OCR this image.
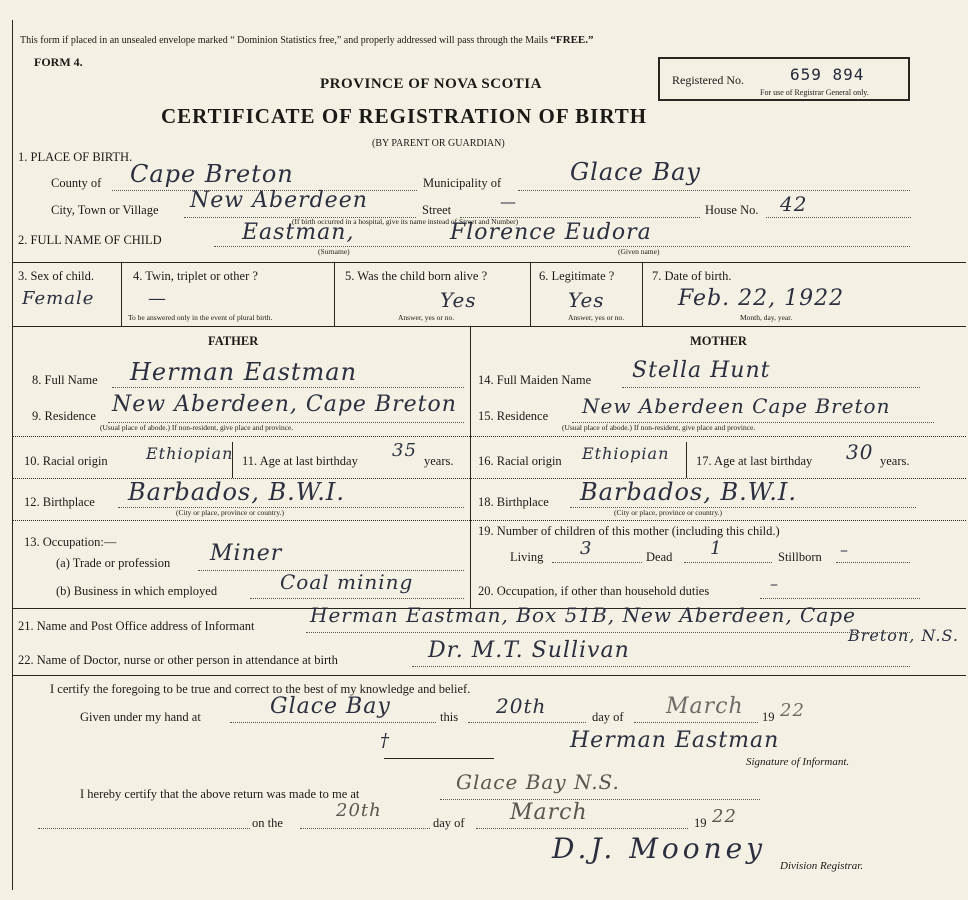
This form if placed in an unsealed envelope marked “ Dominion Statistics free,” and properly addressed will pass through the Mails “FREE.”
FORM 4.
Registered No.	659 894
For use of Registrar General only.
PROVINCE OF NOVA SCOTIA
CERTIFICATE OF REGISTRATION OF BIRTH
(BY PARENT OR GUARDIAN)
1. PLACE OF BIRTH.
County of Cape Breton	Municipality of	Glace Bay
City, Town or Village New Aberdeen	Street	—	House No. 42
(If birth occurred in a hospital, give its name instead of Street and Number)
2. FULL NAME OF CHILD	Eastman,	Florence Eudora
(Surname)	(Given name)
3. Sex of child.
Female
4. Twin, triplet or other ?
—
To be answered only in the event of plural birth.
5. Was the child born alive ?
Yes
Answer, yes or no.
6. Legitimate ?
Yes
Answer, yes or no.
7. Date of birth.
Feb. 22, 1922
Month, day, year.
FATHER
8. Full Name Herman Eastman
9. Residence New Aberdeen, Cape Breton
(Usual place of abode.) If non-resident, give place and province.
10. Racial origin Ethiopian 11. Age at last birthday 35 years.
12. Birthplace Barbados, B.W.I.
(City or place, province or country.)
13. Occupation:—
(a) Trade or profession Miner
(b) Business in which employed	Coal mining
MOTHER
14. Full Maiden Name Stella Hunt
15. Residence New Aberdeen Cape Breton
(Usual place of abode.) If non-resident, give place and province.
16. Racial origin Ethiopian 17. Age at last birthday 30 years.
18. Birthplace Barbados, B.W.I.
(City or place, province or country.)
19. Number of children of this mother (including this child.)
Living 3	Dead 1	Stillborn –
20. Occupation, if other than household duties	–
21. Name and Post Office address of Informant	Herman Eastman, Box 51B, New Aberdeen, Cape
Breton, N.S.
22. Name of Doctor, nurse or other person in attendance at birth	Dr. M.T. Sullivan
I certify the foregoing to be true and correct to the best of my knowledge and belief.
Given under my hand at	Glace Bay	this 20th	day of March 19 22
†	Herman Eastman
Signature of Informant.
I hereby certify that the above return was made to me at	Glace Bay N.S.
on the
20th
day of March	19 22
D.J. Mooney
Division Registrar.
